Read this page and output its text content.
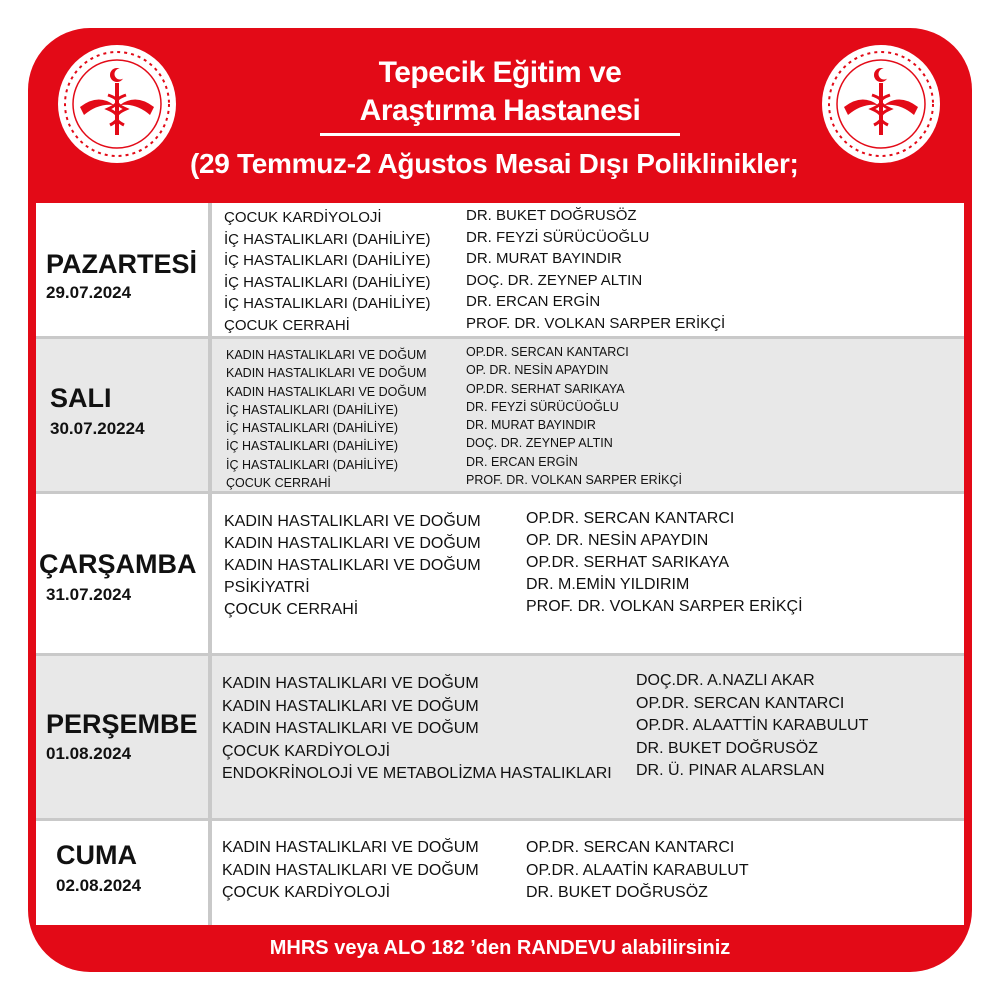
Tepecik Eğitim ve
Araştırma Hastanesi
(29 Temmuz-2 Ağustos Mesai Dışı Poliklinikler;
PAZARTESİ
29.07.2024
ÇOCUK KARDİYOLOJİ
İÇ HASTALIKLARI (DAHİLİYE)
İÇ HASTALIKLARI (DAHİLİYE)
İÇ HASTALIKLARI (DAHİLİYE)
İÇ HASTALIKLARI (DAHİLİYE)
ÇOCUK CERRAHİ
DR. BUKET DOĞRUSÖZ
DR. FEYZİ SÜRÜCÜOĞLU
DR. MURAT BAYINDIR
DOÇ. DR. ZEYNEP ALTIN
DR. ERCAN ERGİN
PROF. DR. VOLKAN SARPER ERİKÇİ
SALI
30.07.20224
KADIN HASTALIKLARI VE DOĞUM
KADIN HASTALIKLARI VE DOĞUM
KADIN HASTALIKLARI VE DOĞUM
İÇ HASTALIKLARI (DAHİLİYE)
İÇ HASTALIKLARI (DAHİLİYE)
İÇ HASTALIKLARI (DAHİLİYE)
İÇ HASTALIKLARI (DAHİLİYE)
ÇOCUK CERRAHİ
OP.DR. SERCAN KANTARCI
OP. DR. NESİN APAYDIN
OP.DR. SERHAT SARIKAYA
DR. FEYZİ SÜRÜCÜOĞLU
DR. MURAT BAYINDIR
DOÇ. DR. ZEYNEP ALTIN
DR. ERCAN ERGİN
PROF. DR. VOLKAN SARPER ERİKÇİ
ÇARŞAMBA
31.07.2024
KADIN HASTALIKLARI VE DOĞUM
KADIN HASTALIKLARI VE DOĞUM
KADIN HASTALIKLARI VE DOĞUM
PSİKİYATRİ
ÇOCUK CERRAHİ
OP.DR. SERCAN KANTARCI
OP. DR. NESİN APAYDIN
OP.DR. SERHAT SARIKAYA
DR. M.EMİN YILDIRIM
PROF. DR. VOLKAN SARPER ERİKÇİ
PERŞEMBE
01.08.2024
KADIN HASTALIKLARI VE DOĞUM
KADIN HASTALIKLARI VE DOĞUM
KADIN HASTALIKLARI VE DOĞUM
ÇOCUK KARDİYOLOJİ
ENDOKRİNOLOJİ VE METABOLİZMA HASTALIKLARI
DOÇ.DR. A.NAZLI AKAR
OP.DR. SERCAN KANTARCI
OP.DR. ALAATTİN KARABULUT
DR. BUKET DOĞRUSÖZ
DR. Ü. PINAR ALARSLAN
CUMA
02.08.2024
KADIN HASTALIKLARI VE DOĞUM
KADIN HASTALIKLARI VE DOĞUM
ÇOCUK KARDİYOLOJİ
OP.DR. SERCAN KANTARCI
OP.DR. ALAATİN KARABULUT
DR. BUKET DOĞRUSÖZ
MHRS veya ALO 182 ’den RANDEVU alabilirsiniz
